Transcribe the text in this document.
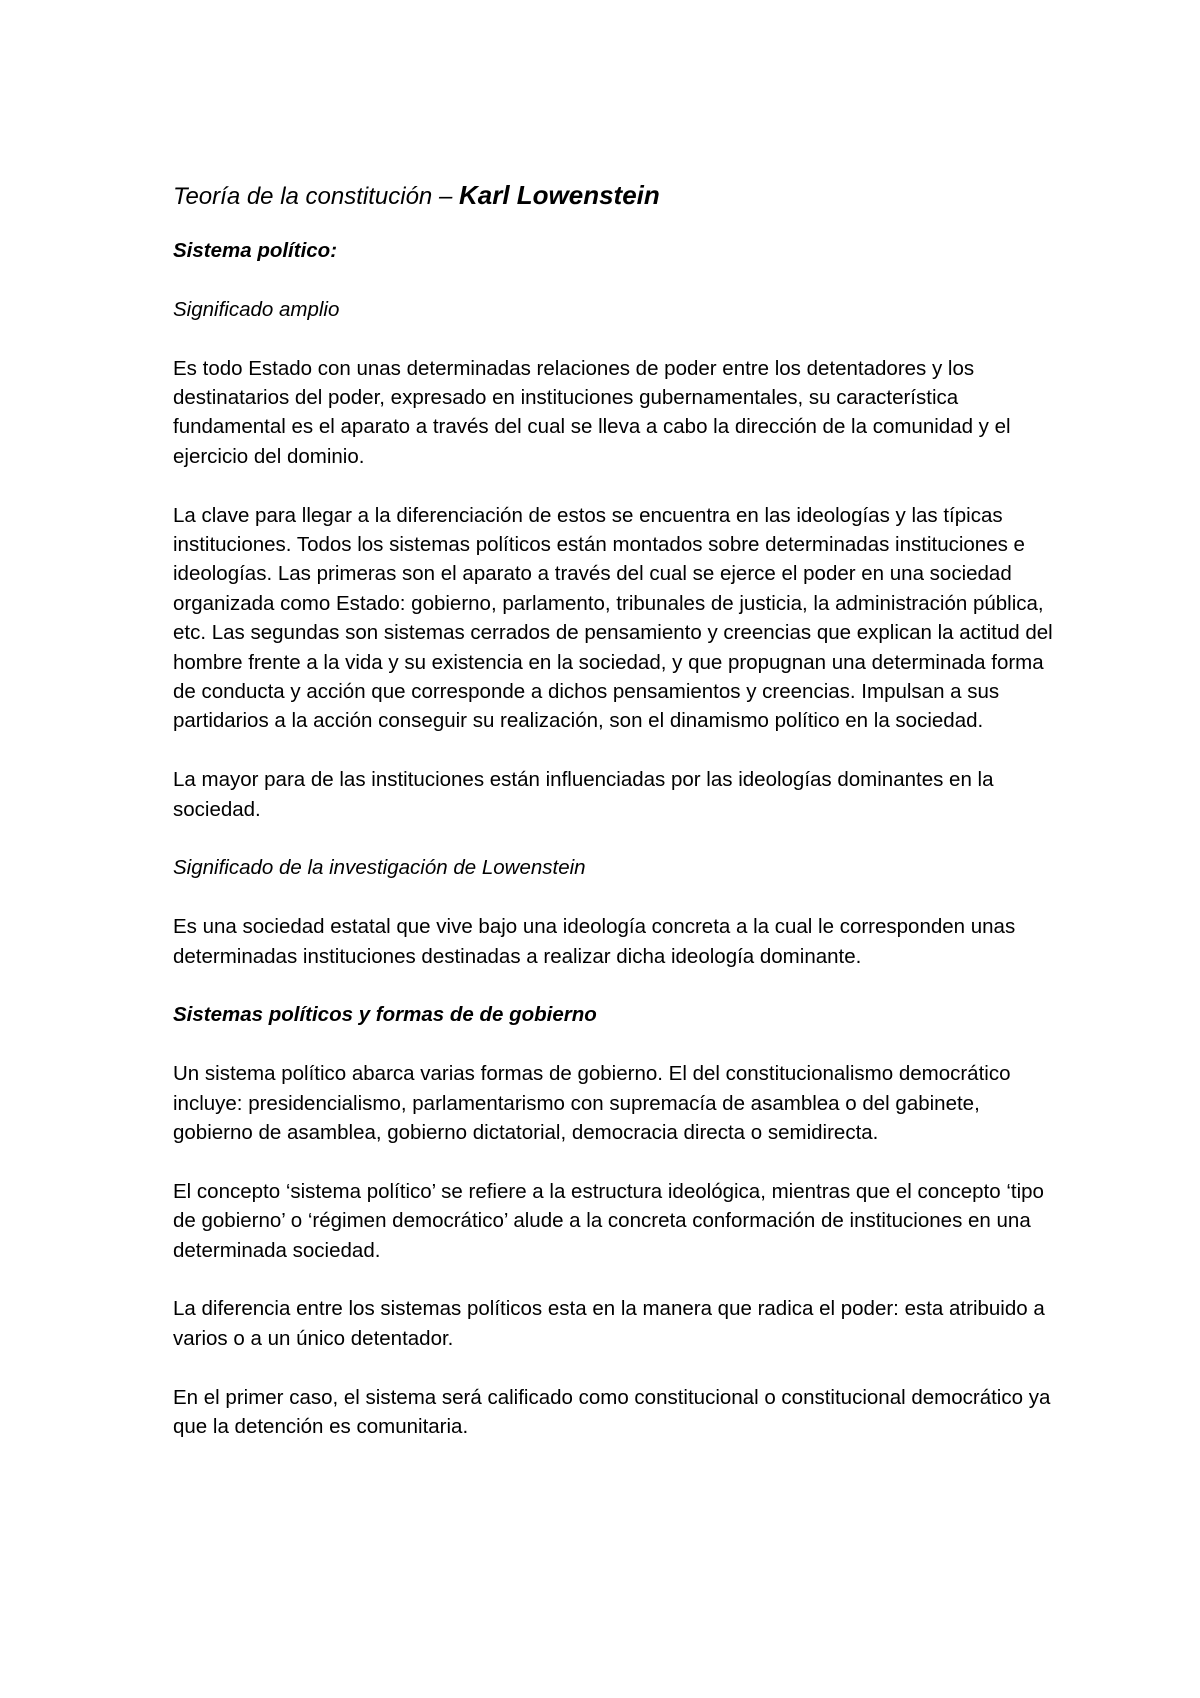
Teoría de la constitución – Karl Lowenstein
Sistema político:
Significado amplio

Es todo Estado con unas determinadas relaciones de poder entre los detentadores y los destinatarios del poder, expresado en instituciones gubernamentales, su característica fundamental es el aparato a través del cual se lleva a cabo la dirección de la comunidad y el ejercicio del dominio.

La clave para llegar a la diferenciación de estos se encuentra en las ideologías y las típicas instituciones. Todos los sistemas políticos están montados sobre determinadas instituciones e ideologías. Las primeras son el aparato a través del cual se ejerce el poder en una sociedad organizada como Estado: gobierno, parlamento, tribunales de justicia, la administración pública, etc. Las segundas son sistemas cerrados de pensamiento y creencias que explican la actitud del hombre frente a la vida y su existencia en la sociedad, y que propugnan una determinada forma de conducta y acción que corresponde a dichos pensamientos y creencias. Impulsan a sus partidarios a la acción conseguir su realización, son el dinamismo político en la sociedad.

La mayor para de las instituciones están influenciadas por las ideologías dominantes en la sociedad.

Significado de la investigación de Lowenstein

Es una sociedad estatal que vive bajo una ideología concreta a la cual le corresponden unas determinadas instituciones destinadas a realizar dicha ideología dominante.

Sistemas políticos y formas de de gobierno

Un sistema político abarca varias formas de gobierno. El del constitucionalismo democrático incluye: presidencialismo, parlamentarismo con supremacía de asamblea o del gabinete, gobierno de asamblea, gobierno dictatorial, democracia directa o semidirecta.

El concepto ‘sistema político’ se refiere a la estructura ideológica, mientras que el concepto ‘tipo de gobierno’ o ‘régimen democrático’ alude a la concreta conformación de instituciones en una determinada sociedad.

La diferencia entre los sistemas políticos esta en la manera que radica el poder: esta atribuido a varios o a un único detentador.

En el primer caso, el sistema será calificado como constitucional o constitucional democrático ya que la detención es comunitaria.
